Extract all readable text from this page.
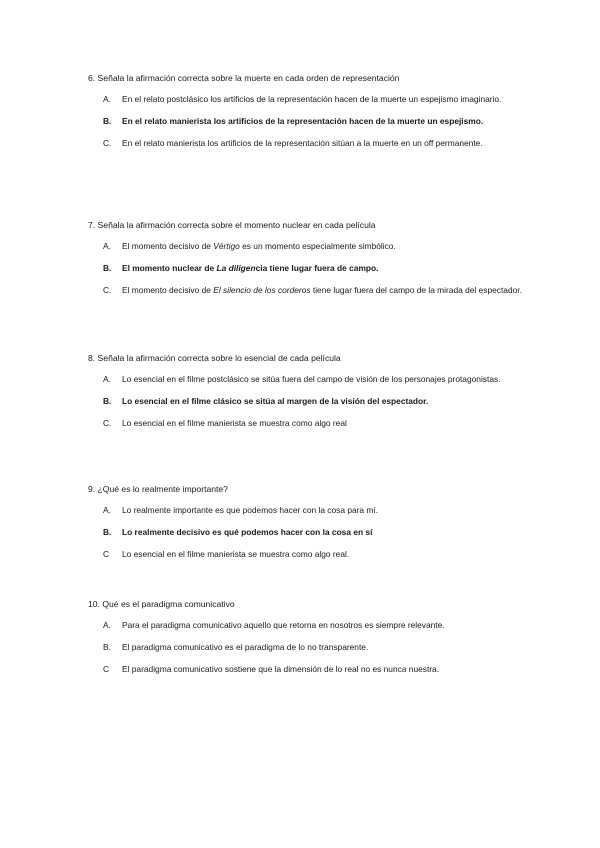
6. Señala la afirmación correcta sobre la muerte en cada orden de representación

A. En el relato postclásico los artificios de la representación hacen de la muerte un espejismo imaginario.
B. En el relato manierista los artificios de la representación hacen de la muerte un espejismo.
C. En el relato manierista los artificios de la representación sitúan a la muerte en un off permanente.

7. Señala la afirmación correcta sobre el momento nuclear en cada película

A. El momento decisivo de Vértigo es un momento especialmente simbólico.
B. El momento nuclear de La diligencia tiene lugar fuera de campo.
C. El momento decisivo de El silencio de los corderos tiene lugar fuera del campo de la mirada del espectador.

8. Señala la afirmación correcta sobre lo esencial de cada película

A. Lo esencial en el filme postclásico se sitúa fuera del campo de visión de los personajes protagonistas.
B. Lo esencial en el filme clásico se sitúa al margen de la visión del espectador.
C. Lo esencial en el filme manierista se muestra como algo real

9. ¿Qué es lo realmente importante?

A. Lo realmente importante es que podemos hacer con la cosa para mí.
B. Lo realmente decisivo es qué podemos hacer con la cosa en sí
C Lo esencial en el filme manierista se muestra como algo real.

10. Qué es el paradigma comunicativo

A. Para el paradigma comunicativo aquello que retorna en nosotros es siempre relevante.
B. El paradigma comunicativo es el paradigma de lo no transparente.
C El paradigma comunicativo sostiene que la dimensión de lo real no es nunca nuestra.
